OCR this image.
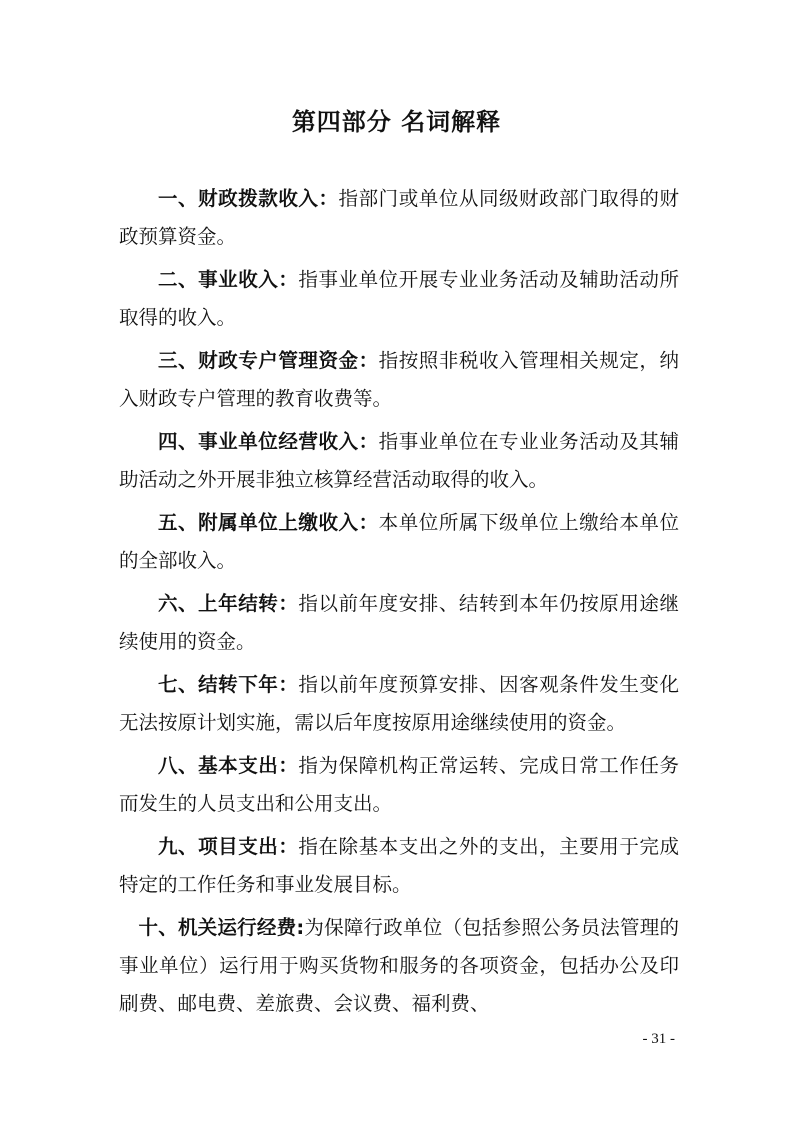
第四部分 名词解释

一、财政拨款收入：指部门或单位从同级财政部门取得的财政预算资金。

二、事业收入：指事业单位开展专业业务活动及辅助活动所取得的收入。

三、财政专户管理资金：指按照非税收入管理相关规定，纳入财政专户管理的教育收费等。

四、事业单位经营收入：指事业单位在专业业务活动及其辅助活动之外开展非独立核算经营活动取得的收入。

五、附属单位上缴收入：本单位所属下级单位上缴给本单位的全部收入。

六、上年结转：指以前年度安排、结转到本年仍按原用途继续使用的资金。

七、结转下年：指以前年度预算安排、因客观条件发生变化无法按原计划实施，需以后年度按原用途继续使用的资金。

八、基本支出：指为保障机构正常运转、完成日常工作任务而发生的人员支出和公用支出。

九、项目支出：指在除基本支出之外的支出，主要用于完成特定的工作任务和事业发展目标。

十、机关运行经费:为保障行政单位（包括参照公务员法管理的事业单位）运行用于购买货物和服务的各项资金，包括办公及印刷费、邮电费、差旅费、会议费、福利费、

- 31 -
